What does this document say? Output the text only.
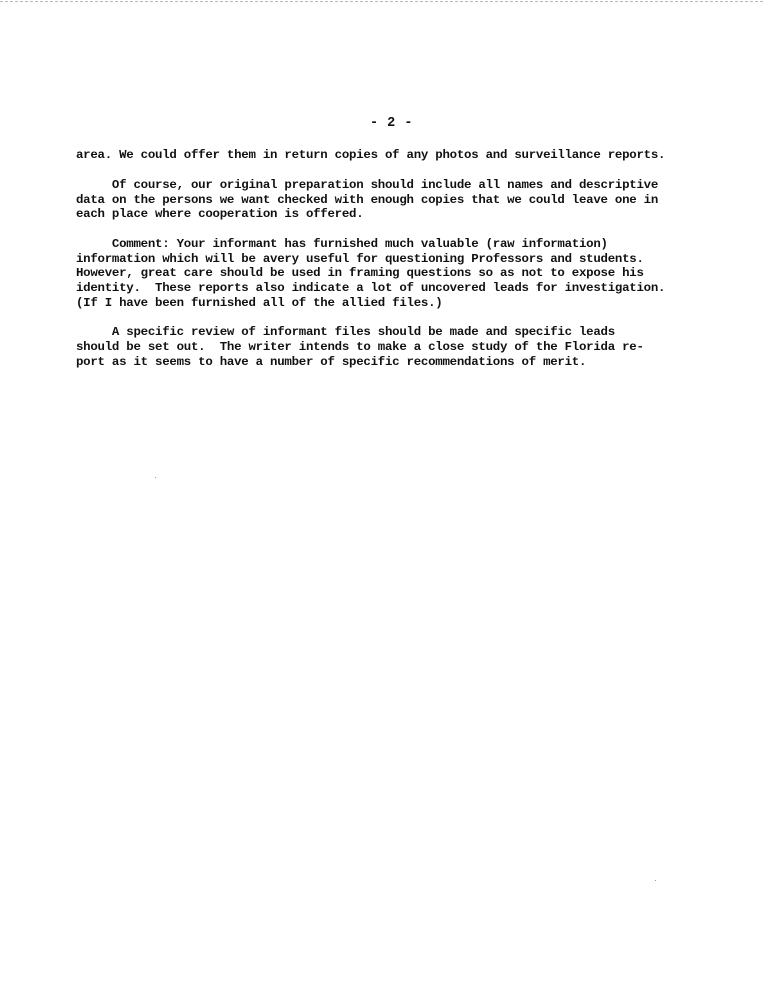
- 2 -
area. We could offer them in return copies of any photos and surveillance reports.
Of course, our original preparation should include all names and descriptive
data on the persons we want checked with enough copies that we could leave one in
each place where cooperation is offered.
Comment: Your informant has furnished much valuable (raw information)
information which will be avery useful for questioning Professors and students.
However, great care should be used in framing questions so as not to expose his
identity.  These reports also indicate a lot of uncovered leads for investigation.
(If I have been furnished all of the allied files.)
A specific review of informant files should be made and specific leads
should be set out.  The writer intends to make a close study of the Florida re-
port as it seems to have a number of specific recommendations of merit.
